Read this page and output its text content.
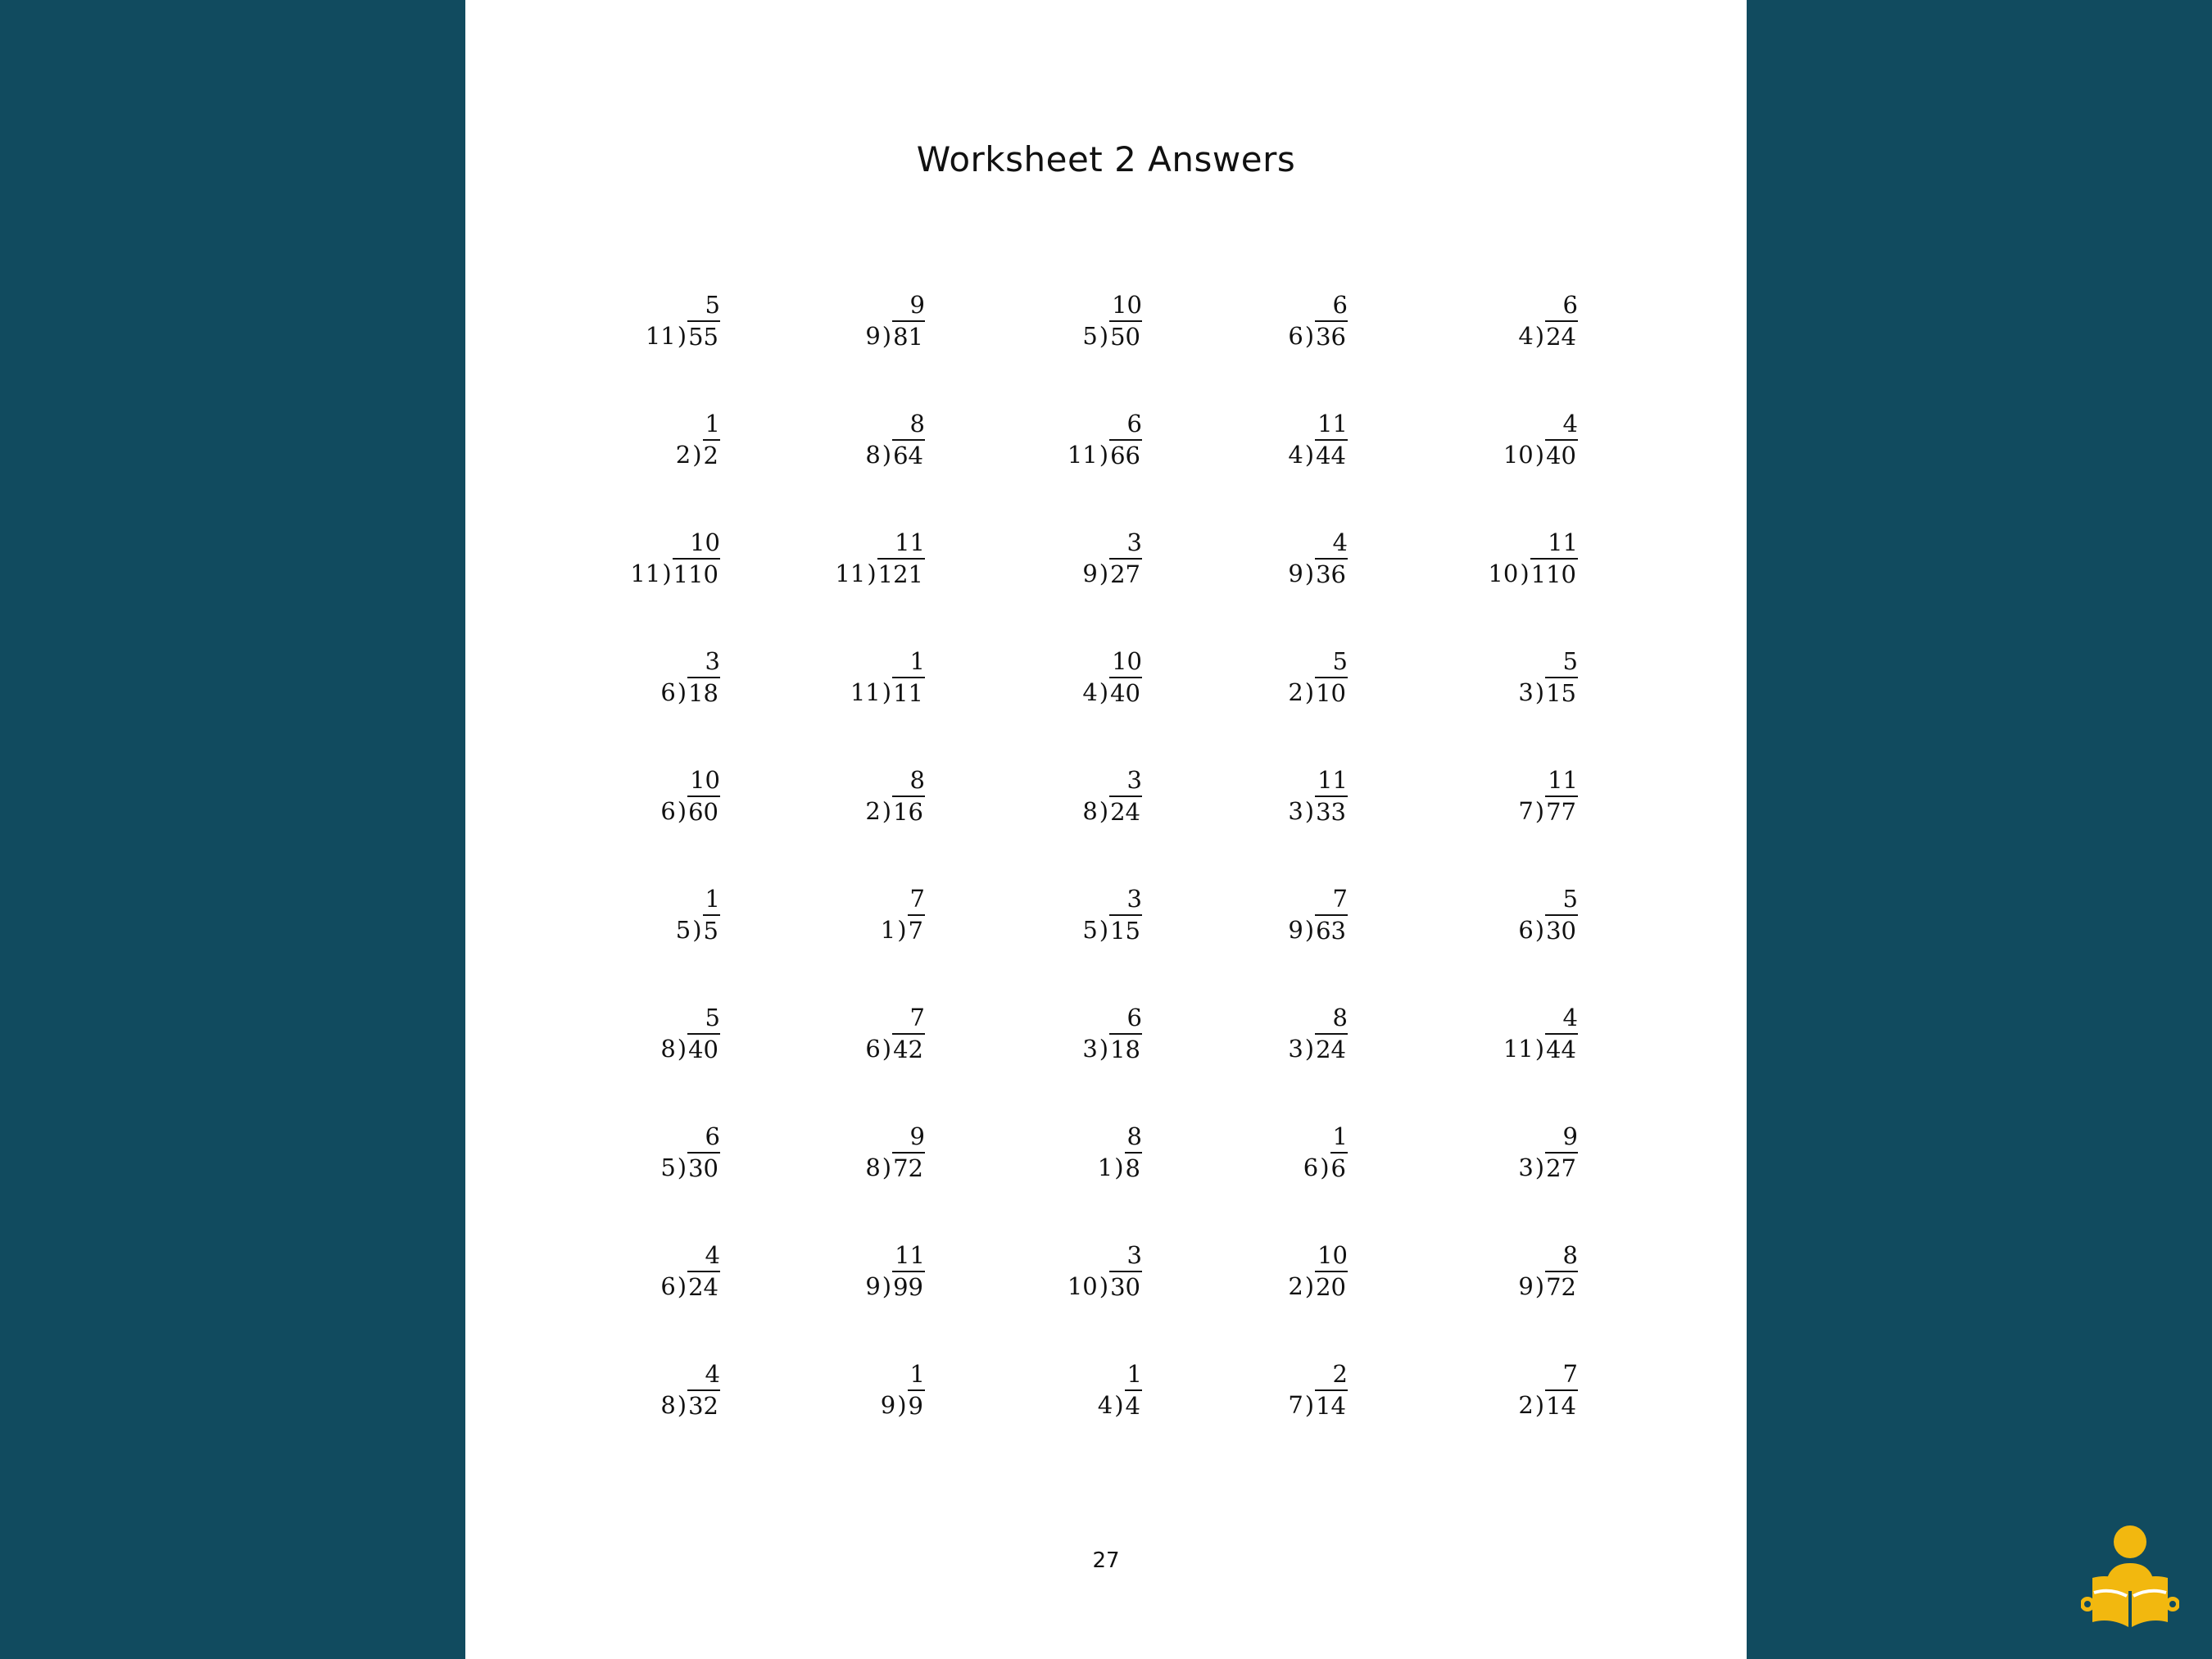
Worksheet 2 Answers
5
11 ) 55
9
9 ) 81
10
5 ) 50
6
6 ) 36
6
4 ) 24
1
2 ) 2
8
8 ) 64
6
11 ) 66
11
4 ) 44
4
10 ) 40
10
11 ) 110
11
11 ) 121
3
9 ) 27
4
9 ) 36
11
10 ) 110
3
6 ) 18
1
11 ) 11
10
4 ) 40
5
2 ) 10
5
3 ) 15
10
6 ) 60
8
2 ) 16
3
8 ) 24
11
3 ) 33
11
7 ) 77
1
5 ) 5
7
1 ) 7
3
5 ) 15
7
9 ) 63
5
6 ) 30
5
8 ) 40
7
6 ) 42
6
3 ) 18
8
3 ) 24
4
11 ) 44
6
5 ) 30
9
8 ) 72
8
1 ) 8
1
6 ) 6
9
3 ) 27
4
6 ) 24
11
9 ) 99
3
10 ) 30
10
2 ) 20
8
9 ) 72
4
8 ) 32
1
9 ) 9
1
4 ) 4
2
7 ) 14
7
2 ) 14
27
